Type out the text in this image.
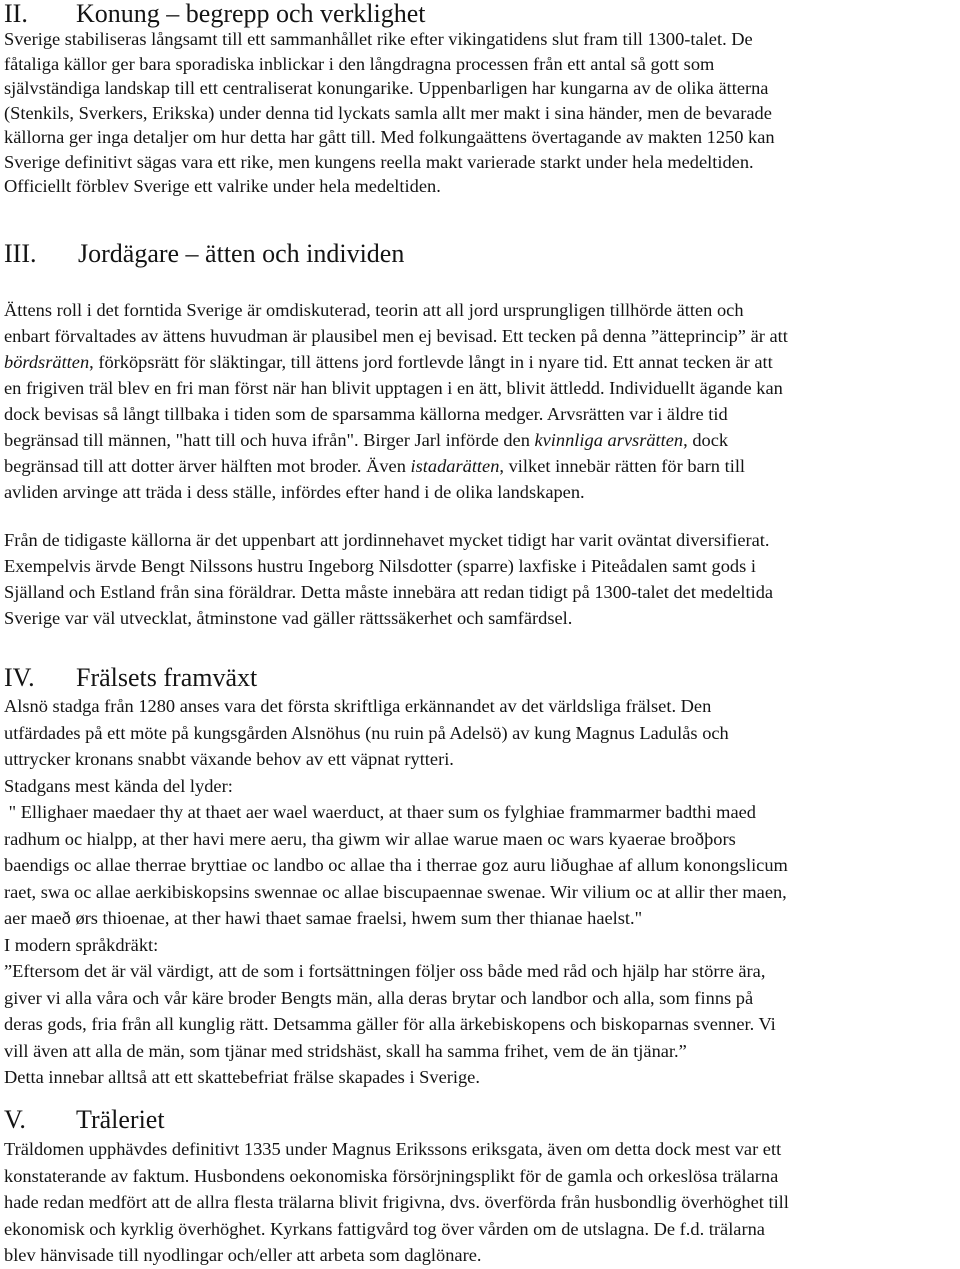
II. Konung – begrepp och verklighet
Sverige stabiliseras långsamt till ett sammanhållet rike efter vikingatidens slut fram till 1300-talet. De
fåtaliga källor ger bara sporadiska inblickar i den långdragna processen från ett antal så gott som
självständiga landskap till ett centraliserat konungarike. Uppenbarligen har kungarna av de olika ätterna
(Stenkils, Sverkers, Erikska) under denna tid lyckats samla allt mer makt i sina händer, men de bevarade
källorna ger inga detaljer om hur detta har gått till. Med folkungaättens övertagande av makten 1250 kan
Sverige definitivt sägas vara ett rike, men kungens reella makt varierade starkt under hela medeltiden.
Officiellt förblev Sverige ett valrike under hela medeltiden.
III. Jordägare – ätten och individen
Ättens roll i det forntida Sverige är omdiskuterad, teorin att all jord ursprungligen tillhörde ätten och
enbart förvaltades av ättens huvudman är plausibel men ej bevisad. Ett tecken på denna ”ätteprincip” är att
bördsrätten, förköpsrätt för släktingar, till ättens jord fortlevde långt in i nyare tid. Ett annat tecken är att
en frigiven träl blev en fri man först när han blivit upptagen i en ätt, blivit ättledd. Individuellt ägande kan
dock bevisas så långt tillbaka i tiden som de sparsamma källorna medger. Arvsrätten var i äldre tid
begränsad till männen, "hatt till och huva ifrån". Birger Jarl införde den kvinnliga arvsrätten, dock
begränsad till att dotter ärver hälften mot broder. Även istadarätten, vilket innebär rätten för barn till
avliden arvinge att träda i dess ställe, infördes efter hand i de olika landskapen.
Från de tidigaste källorna är det uppenbart att jordinnehavet mycket tidigt har varit oväntat diversifierat.
Exempelvis ärvde Bengt Nilssons hustru Ingeborg Nilsdotter (sparre) laxfiske i Piteådalen samt gods i
Själland och Estland från sina föräldrar. Detta måste innebära att redan tidigt på 1300-talet det medeltida
Sverige var väl utvecklat, åtminstone vad gäller rättssäkerhet och samfärdsel.
IV. Frälsets framväxt
Alsnö stadga från 1280 anses vara det första skriftliga erkännandet av det världsliga frälset. Den
utfärdades på ett möte på kungsgården Alsnöhus (nu ruin på Adelsö) av kung Magnus Ladulås och
uttrycker kronans snabbt växande behov av ett väpnat rytteri.
Stadgans mest kända del lyder:
" Ellighaer maedaer thy at thaet aer wael waerduct, at thaer sum os fylghiae frammarmer badthi maed
radhum oc hialpp, at ther havi mere aeru, tha giwm wir allae warue maen oc wars kyaerae broðþors
baendigs oc allae therrae bryttiae oc landbo oc allae tha i therrae goz auru liðughae af allum konongslicum
raet, swa oc allae aerkibiskopsins swennae oc allae biscupaennae swenae. Wir vilium oc at allir ther maen,
aer maeð ørs thioenae, at ther hawi thaet samae fraelsi, hwem sum ther thianae haelst."
I modern språkdräkt:
”Eftersom det är väl värdigt, att de som i fortsättningen följer oss både med råd och hjälp har större ära,
giver vi alla våra och vår käre broder Bengts män, alla deras brytar och landbor och alla, som finns på
deras gods, fria från all kunglig rätt. Detsamma gäller för alla ärkebiskopens och biskoparnas svenner. Vi
vill även att alla de män, som tjänar med stridshäst, skall ha samma frihet, vem de än tjänar.”
Detta innebar alltså att ett skattebefriat frälse skapades i Sverige.
V. Träleriet
Träldomen upphävdes definitivt 1335 under Magnus Erikssons eriksgata, även om detta dock mest var ett
konstaterande av faktum. Husbondens oekonomiska försörjningsplikt för de gamla och orkeslösa trälarna
hade redan medfört att de allra flesta trälarna blivit frigivna, dvs. överförda från husbondlig överhöghet till
ekonomisk och kyrklig överhöghet. Kyrkans fattigvård tog över vården om de utslagna. De f.d. trälarna
blev hänvisade till nyodlingar och/eller att arbeta som daglönare.
